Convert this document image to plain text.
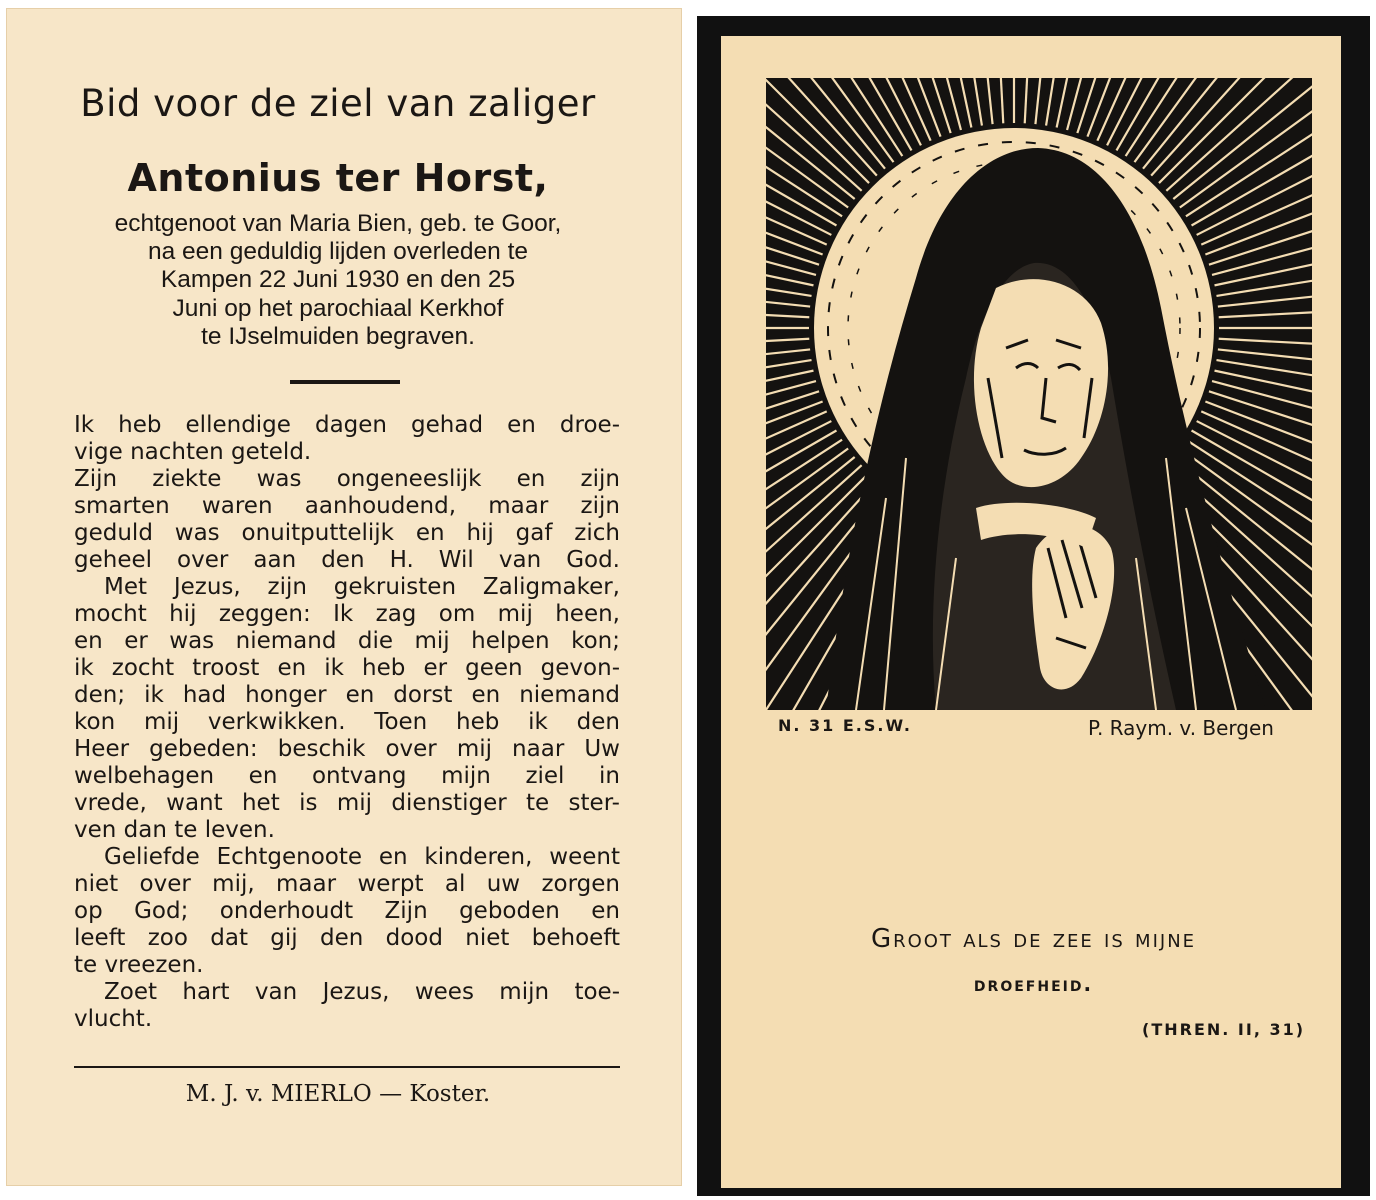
Bid voor de ziel van zaliger
Antonius ter Horst,
echtgenoot van Maria Bien, geb. te Goor,
na een geduldig lijden overleden te
Kampen 22 Juni 1930 en den 25
Juni op het parochiaal Kerkhof
te IJselmuiden begraven.
Ik heb ellendige dagen gehad en droe-
vige nachten geteld.
Zijn ziekte was ongeneeslijk en zijn
smarten waren aanhoudend, maar zijn
geduld was onuitputtelijk en hij gaf zich
geheel over aan den H. Wil van God.
Met Jezus, zijn gekruisten Zaligmaker,
mocht hij zeggen: Ik zag om mij heen,
en er was niemand die mij helpen kon;
ik zocht troost en ik heb er geen gevon-
den; ik had honger en dorst en niemand
kon mij verkwikken. Toen heb ik den
Heer gebeden: beschik over mij naar Uw
welbehagen en ontvang mijn ziel in
vrede, want het is mij dienstiger te ster-
ven dan te leven.
Geliefde Echtgenoote en kinderen, weent
niet over mij, maar werpt al uw zorgen
op God; onderhoudt Zijn geboden en
leeft zoo dat gij den dood niet behoeft
te vreezen.
Zoet hart van Jezus, wees mijn toe-
vlucht.
M. J. v. MIERLO — Koster.
N. 31 E.S.W.	P. Raym. v. Bergen
Groot als de zee is mijne
droefheid.
(THREN. II, 31)
